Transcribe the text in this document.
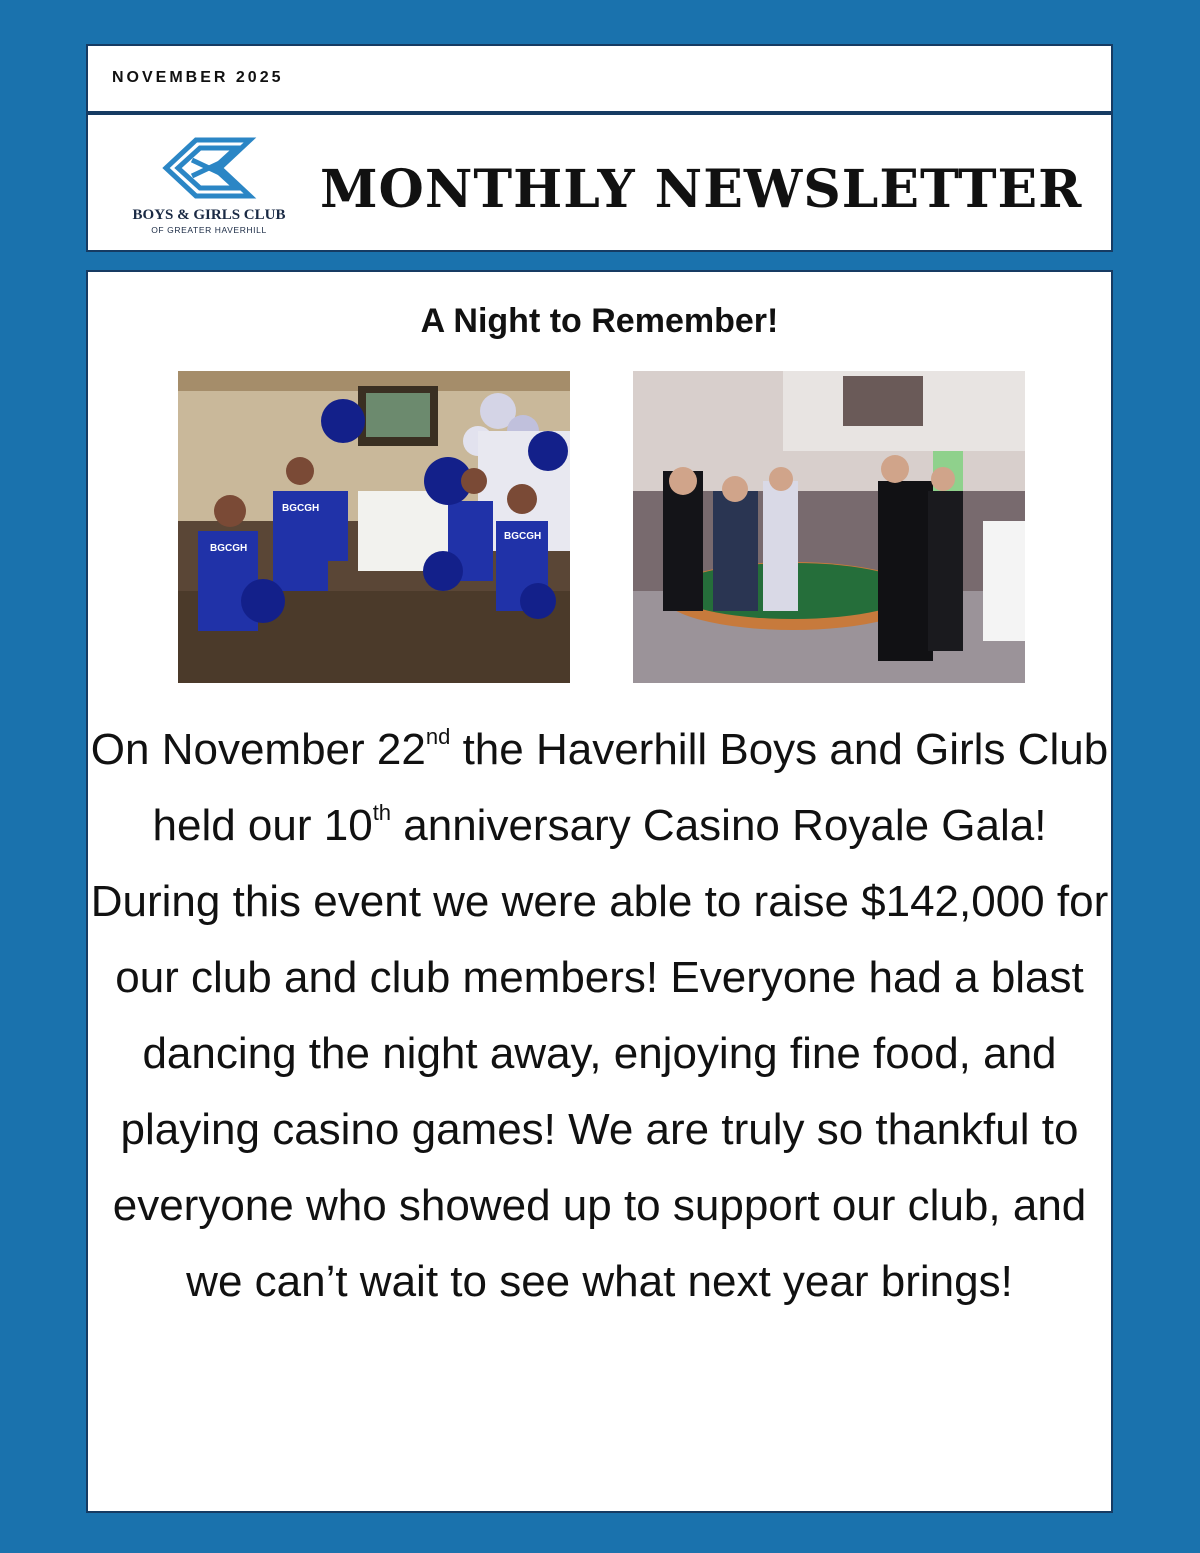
NOVEMBER 2025
BOYS & GIRLS CLUB
OF GREATER HAVERHILL
MONTHLY NEWSLETTER
A Night to Remember!
BGCGH
BGCGH
BGCGH

On November 22nd the Haverhill Boys and Girls Club held our 10th anniversary Casino Royale Gala! During this event we were able to raise $142,000 for our club and club members! Everyone had a blast dancing the night away, enjoying fine food, and playing casino games! We are truly so thankful to everyone who showed up to support our club, and we can’t wait to see what next year brings!
